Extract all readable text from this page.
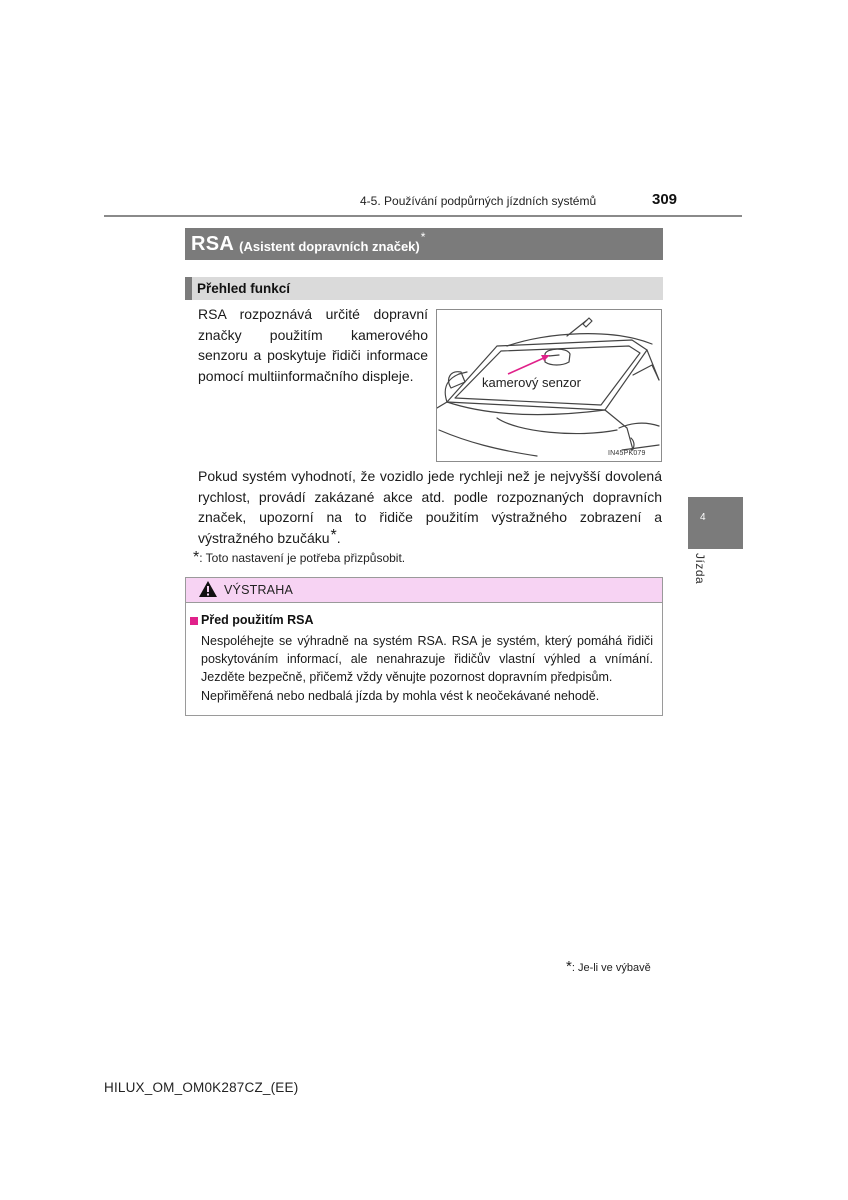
4-5. Používání podpůrných jízdních systémů	309
RSA (Asistent dopravních značek)
*
Přehled funkcí
RSA rozpoznává určité dopravní značky použitím kamerového senzoru a poskytuje řidiči informace pomocí multiinformačního displeje.	kamerový senzor
IN45PK079
Pokud systém vyhodnotí, že vozidlo jede rychleji než je nejvyšší dovolená rychlost, provádí zakázané akce atd. podle rozpoznaných dopravních značek, upozorní na to řidiče použitím výstražného zobrazení a výstražného bzučáku*.
*: Toto nastavení je potřeba přizpůsobit.
VÝSTRAHA
Před použitím RSA

Nespoléhejte se výhradně na systém RSA. RSA je systém, který pomáhá řidiči poskytováním informací, ale nenahrazuje řidičův vlastní výhled a vnímání. Jezděte bezpečně, přičemž vždy věnujte pozornost dopravním předpisům.

Nepřiměřená nebo nedbalá jízda by mohla vést k neočekávané nehodě.

4
Jízda
*: Je-li ve výbavě
HILUX_OM_OM0K287CZ_(EE)
